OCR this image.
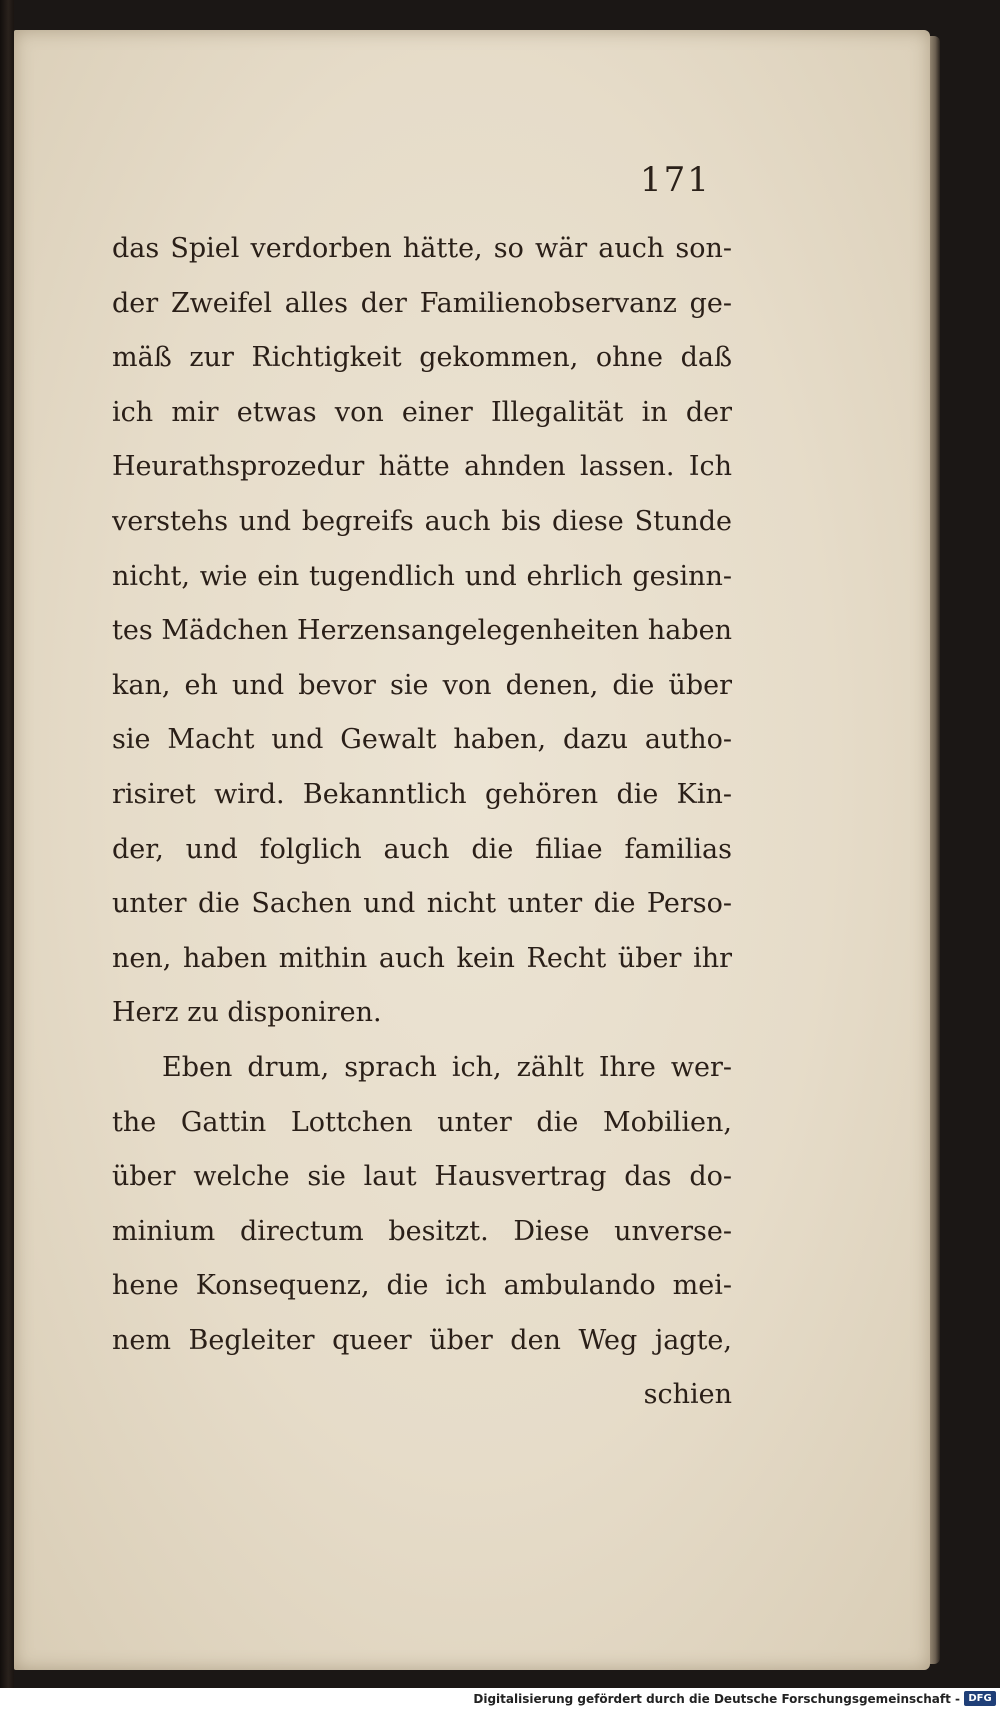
171
das Spiel verdorben hätte, so wär auch son-
der Zweifel alles der Familienobservanz ge-
mäß zur Richtigkeit gekommen, ohne daß
ich mir etwas von einer Illegalität in der
Heurathsprozedur hätte ahnden lassen. Ich
verstehs und begreifs auch bis diese Stunde
nicht, wie ein tugendlich und ehrlich gesinn-
tes Mädchen Herzensangelegenheiten haben
kan, eh und bevor sie von denen, die über
sie Macht und Gewalt haben, dazu autho-
risiret wird. Bekanntlich gehören die Kin-
der, und folglich auch die filiae familias
unter die Sachen und nicht unter die Perso-
nen, haben mithin auch kein Recht über ihr
Herz zu disponiren.
Eben drum, sprach ich, zählt Ihre wer-
the Gattin Lottchen unter die Mobilien,
über welche sie laut Hausvertrag das do-
minium directum besitzt. Diese unverse-
hene Konsequenz, die ich ambulando mei-
nem Begleiter queer über den Weg jagte,
schien
Digitalisierung gefördert durch die Deutsche Forschungsgemeinschaft - DFG
